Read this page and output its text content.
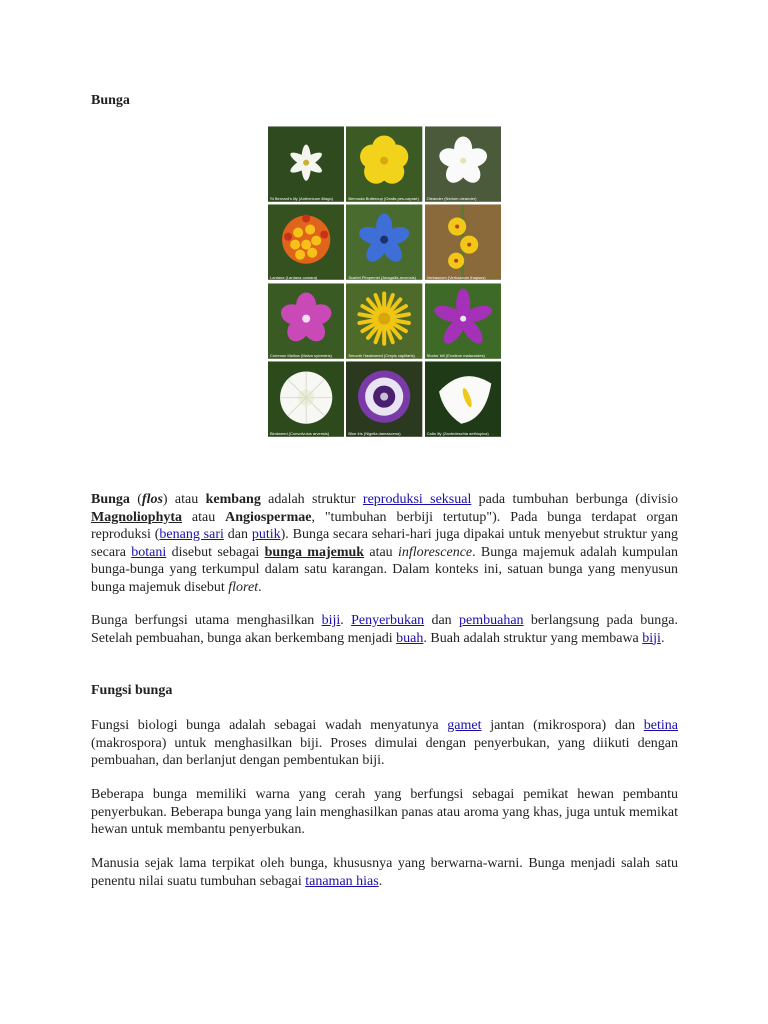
Bunga
St Bernard's lily (Anthericum liliago)	Bermuda Buttercup (Oxalis pes-caprae) Oleander (Nerium oleander)
Lantana (Lantana camara)	Scarlet Pimpernel (Anagallis arvensis)	Verbascum (Verbascum thapsus)
Common Mallow (Malva sylvestris)	Smooth Hawkweed (Crepis capillaris)	Storks' bill (Erodium malacoides)
Bindweed (Convolvulus arvensis)	Blue Iris (Nigella damascena)	Calla lily (Zantedeschia aethiopica)
Bunga (flos) atau kembang adalah struktur reproduksi seksual pada tumbuhan berbunga (divisio Magnoliophyta atau Angiospermae, "tumbuhan berbiji tertutup"). Pada bunga terdapat organ reproduksi (benang sari dan putik). Bunga secara sehari-hari juga dipakai untuk menyebut struktur yang secara botani disebut sebagai bunga majemuk atau inflorescence. Bunga majemuk adalah kumpulan bunga-bunga yang terkumpul dalam satu karangan. Dalam konteks ini, satuan bunga yang menyusun bunga majemuk disebut floret.
Bunga berfungsi utama menghasilkan biji. Penyerbukan dan pembuahan berlangsung pada bunga. Setelah pembuahan, bunga akan berkembang menjadi buah. Buah adalah struktur yang membawa biji.
Fungsi bunga
Fungsi biologi bunga adalah sebagai wadah menyatunya gamet jantan (mikrospora) dan betina (makrospora) untuk menghasilkan biji. Proses dimulai dengan penyerbukan, yang diikuti dengan pembuahan, dan berlanjut dengan pembentukan biji.
Beberapa bunga memiliki warna yang cerah yang berfungsi sebagai pemikat hewan pembantu penyerbukan. Beberapa bunga yang lain menghasilkan panas atau aroma yang khas, juga untuk memikat hewan untuk membantu penyerbukan.
Manusia sejak lama terpikat oleh bunga, khususnya yang berwarna-warni. Bunga menjadi salah satu penentu nilai suatu tumbuhan sebagai tanaman hias.
